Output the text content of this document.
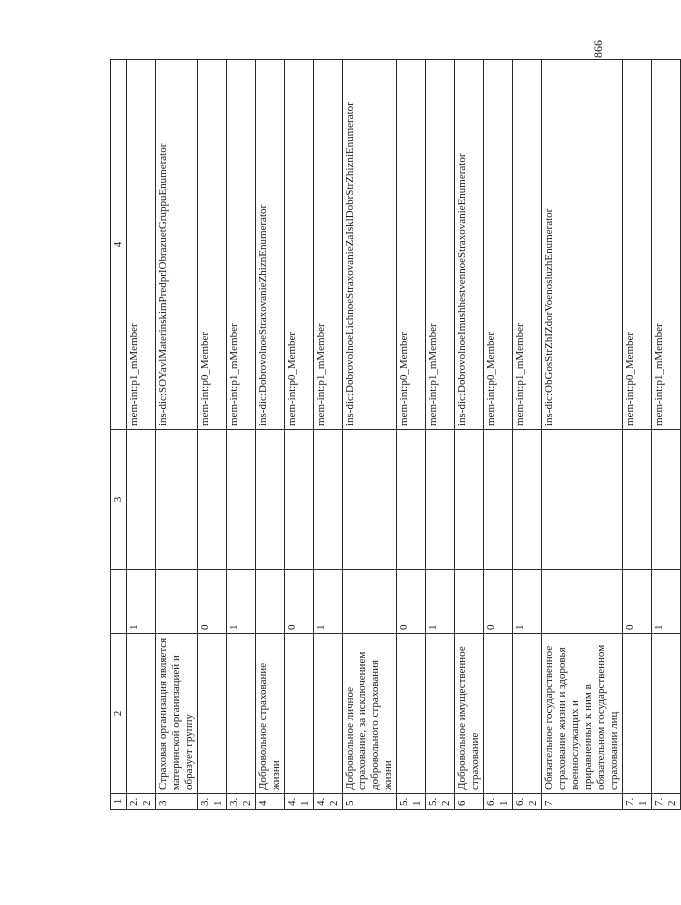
866
1	2		3	4
2.2		1		mem-int:p1_mMember
3	Страховая организация является материнской организацией и образует группу			ins-dic:SOYavlMaterinskimPredprIObrazuetGruppuEnumerator
3.1		0		mem-int:p0_Member
3.2		1		mem-int:p1_mMember
4	Добровольное страхование жизни			ins-dic:DobrovolnoeStraxovanieZhiznEnumerator
4.1		0		mem-int:p0_Member
4.2		1		mem-int:p1_mMember
5	Добровольное личное страхование, за исключением добровольного страхования жизни			ins-dic:DobrovolnoeLichnoeStraxovanieZaIsklDobrStrZhizniEnumerator
5.1		0		mem-int:p0_Member
5.2		1		mem-int:p1_mMember
6	Добровольное имущественное страхование			ins-dic:DobrovolnoeImushhestvennoeStraxovanieEnumerator
6.1		0		mem-int:p0_Member
6.2		1		mem-int:p1_mMember
7	Обязательное государственное страхование жизни и здоровья военнослужащих и приравненных к ним в обязательном государственном страховании лиц			ins-dic:ObGosStrZhIZdorVoenosluzhEnumerator
7.1		0		mem-int:p0_Member
7.2		1		mem-int:p1_mMember
